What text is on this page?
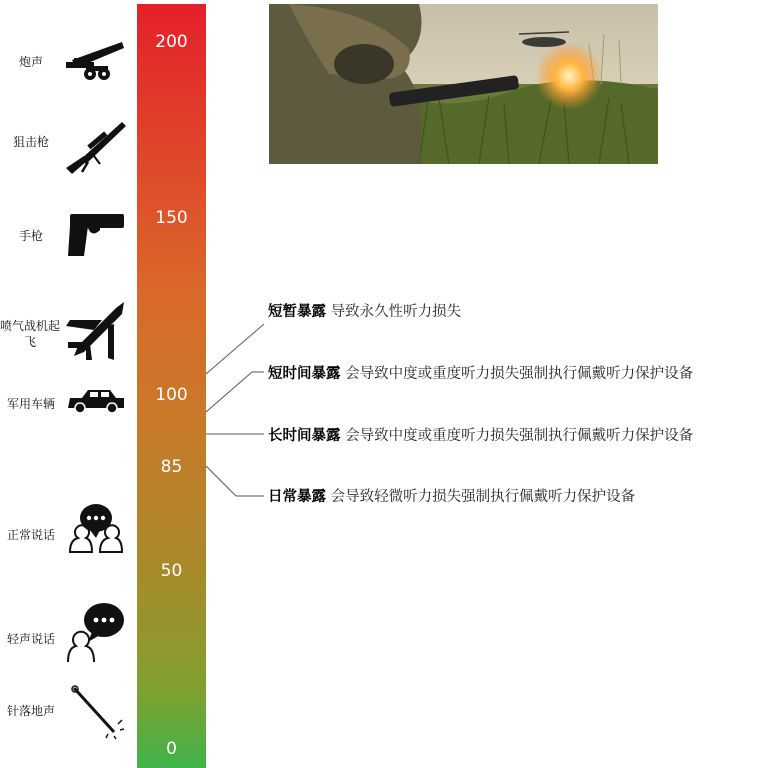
200
150
100
85
50
0
炮声
狙击枪
手枪
喷气战机起飞
军用车辆
正常说话
轻声说话
针落地声
短暂暴露 导致永久性听力损失
短时间暴露 会导致中度或重度听力损失强制执行佩戴听力保护设备
长时间暴露 会导致中度或重度听力损失强制执行佩戴听力保护设备
日常暴露 会导致轻微听力损失强制执行佩戴听力保护设备
